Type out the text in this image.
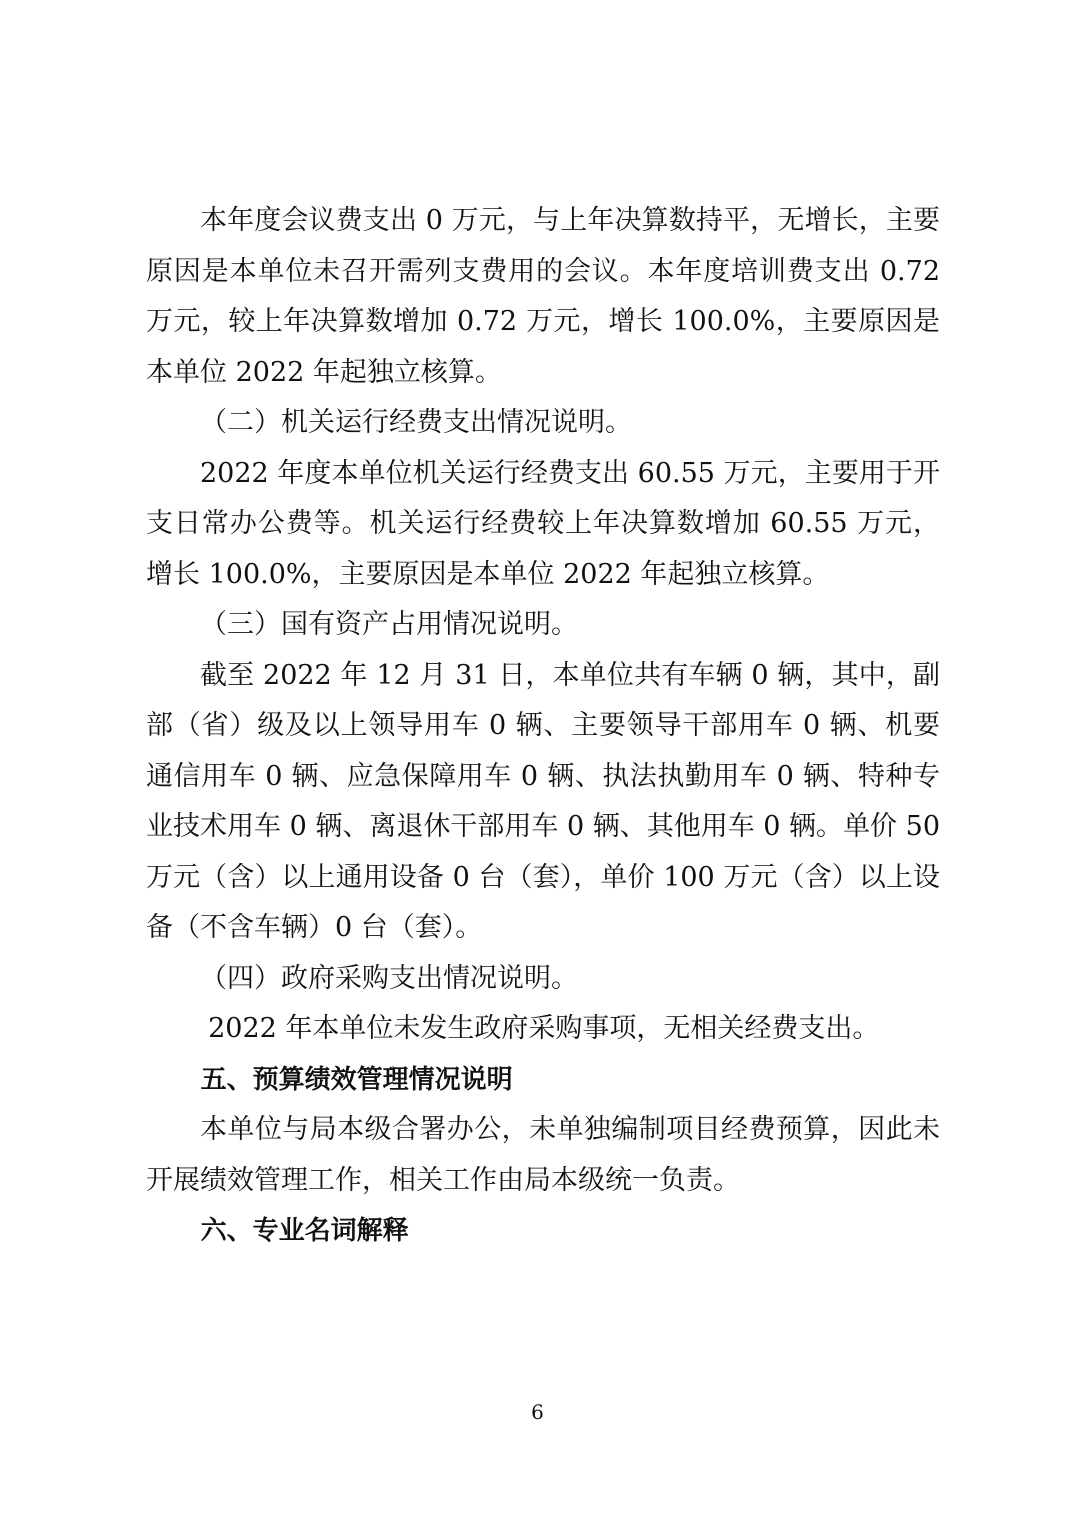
本年度会议费支出 0 万元，与上年决算数持平，无增长，主要原因是本单位未召开需列支费用的会议。本年度培训费支出 0.72 万元，较上年决算数增加 0.72 万元，增长 100.0%，主要原因是本单位 2022 年起独立核算。

（二）机关运行经费支出情况说明。

2022 年度本单位机关运行经费支出 60.55 万元，主要用于开支日常办公费等。机关运行经费较上年决算数增加 60.55 万元，增长 100.0%，主要原因是本单位 2022 年起独立核算。

（三）国有资产占用情况说明。

截至 2022 年 12 月 31 日，本单位共有车辆 0 辆，其中，副部（省）级及以上领导用车 0 辆、主要领导干部用车 0 辆、机要通信用车 0 辆、应急保障用车 0 辆、执法执勤用车 0 辆、特种专业技术用车 0 辆、离退休干部用车 0 辆、其他用车 0 辆。单价 50 万元（含）以上通用设备 0 台（套），单价 100 万元（含）以上设备（不含车辆）0 台（套）。

（四）政府采购支出情况说明。

2022 年本单位未发生政府采购事项，无相关经费支出。

五、预算绩效管理情况说明

本单位与局本级合署办公，未单独编制项目经费预算，因此未开展绩效管理工作，相关工作由局本级统一负责。

六、专业名词解释

6
